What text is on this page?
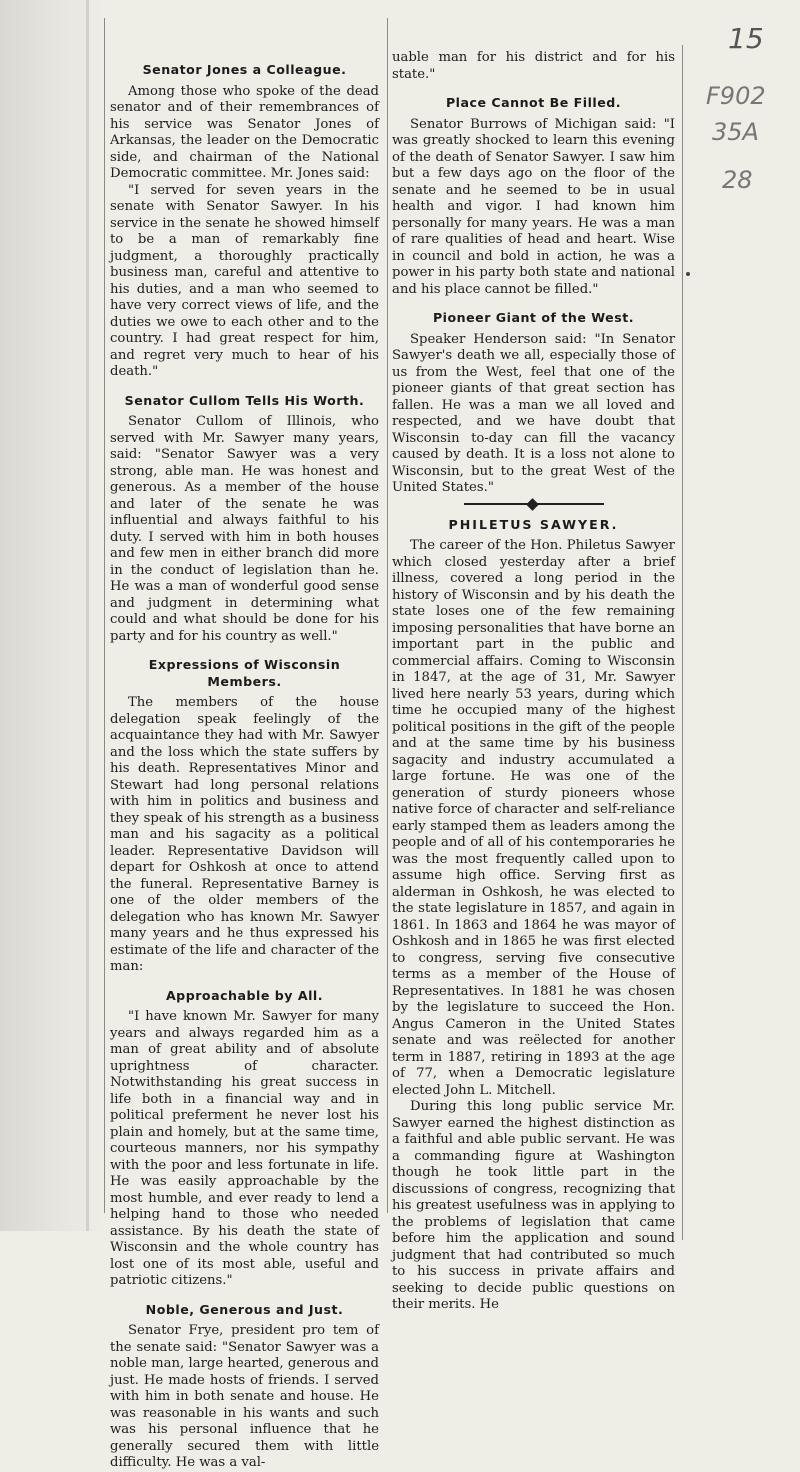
15
F902
35A
28
Senator Jones a Colleague.

Among those who spoke of the dead senator and of their remembrances of his service was Senator Jones of Arkansas, the leader on the Democratic side, and chairman of the National Democratic committee. Mr. Jones said:

"I served for seven years in the senate with Senator Sawyer. In his service in the senate he showed himself to be a man of remarkably fine judgment, a thoroughly practically business man, careful and attentive to his duties, and a man who seemed to have very correct views of life, and the duties we owe to each other and to the country. I had great respect for him, and regret very much to hear of his death."

Senator Cullom Tells His Worth.

Senator Cullom of Illinois, who served with Mr. Sawyer many years, said: "Senator Sawyer was a very strong, able man. He was honest and generous. As a member of the house and later of the senate he was influential and always faithful to his duty. I served with him in both houses and few men in either branch did more in the conduct of legislation than he. He was a man of wonderful good sense and judgment in determining what could and what should be done for his party and for his country as well."

Expressions of Wisconsin Members.

The members of the house delegation speak feelingly of the acquaintance they had with Mr. Sawyer and the loss which the state suffers by his death. Representatives Minor and Stewart had long personal relations with him in politics and business and they speak of his strength as a business man and his sagacity as a political leader. Representative Davidson will depart for Oshkosh at once to attend the funeral. Representative Barney is one of the older members of the delegation who has known Mr. Sawyer many years and he thus expressed his estimate of the life and character of the man:

Approachable by All.

"I have known Mr. Sawyer for many years and always regarded him as a man of great ability and of absolute uprightness of character. Notwithstanding his great success in life both in a financial way and in political preferment he never lost his plain and homely, but at the same time, courteous manners, nor his sympathy with the poor and less fortunate in life. He was easily approachable by the most humble, and ever ready to lend a helping hand to those who needed assistance. By his death the state of Wisconsin and the whole country has lost one of its most able, useful and patriotic citizens."

Noble, Generous and Just.

Senator Frye, president pro tem of the senate said: "Senator Sawyer was a noble man, large hearted, generous and just. He made hosts of friends. I served with him in both senate and house. He was reasonable in his wants and such was his personal influence that he generally secured them with little difficulty. He was a val-

uable man for his district and for his state."

Place Cannot Be Filled.

Senator Burrows of Michigan said: "I was greatly shocked to learn this evening of the death of Senator Sawyer. I saw him but a few days ago on the floor of the senate and he seemed to be in usual health and vigor. I had known him personally for many years. He was a man of rare qualities of head and heart. Wise in council and bold in action, he was a power in his party both state and national and his place cannot be filled."

Pioneer Giant of the West.

Speaker Henderson said: "In Senator Sawyer's death we all, especially those of us from the West, feel that one of the pioneer giants of that great section has fallen. He was a man we all loved and respected, and we have doubt that Wisconsin to-day can fill the vacancy caused by death. It is a loss not alone to Wisconsin, but to the great West of the United States."

PHILETUS SAWYER.

The career of the Hon. Philetus Sawyer which closed yesterday after a brief illness, covered a long period in the history of Wisconsin and by his death the state loses one of the few remaining imposing personalities that have borne an important part in the public and commercial affairs. Coming to Wisconsin in 1847, at the age of 31, Mr. Sawyer lived here nearly 53 years, during which time he occupied many of the highest political positions in the gift of the people and at the same time by his business sagacity and industry accumulated a large fortune. He was one of the generation of sturdy pioneers whose native force of character and self-reliance early stamped them as leaders among the people and of all of his contemporaries he was the most frequently called upon to assume high office. Serving first as alderman in Oshkosh, he was elected to the state legislature in 1857, and again in 1861. In 1863 and 1864 he was mayor of Oshkosh and in 1865 he was first elected to congress, serving five consecutive terms as a member of the House of Representatives. In 1881 he was chosen by the legislature to succeed the Hon. Angus Cameron in the United States senate and was reëlected for another term in 1887, retiring in 1893 at the age of 77, when a Democratic legislature elected John L. Mitchell.

During this long public service Mr. Sawyer earned the highest distinction as a faithful and able public servant. He was a commanding figure at Washington though he took little part in the discussions of congress, recognizing that his greatest usefulness was in applying to the problems of legislation that came before him the application and sound judgment that had contributed so much to his success in private affairs and seeking to decide public questions on their merits. He
